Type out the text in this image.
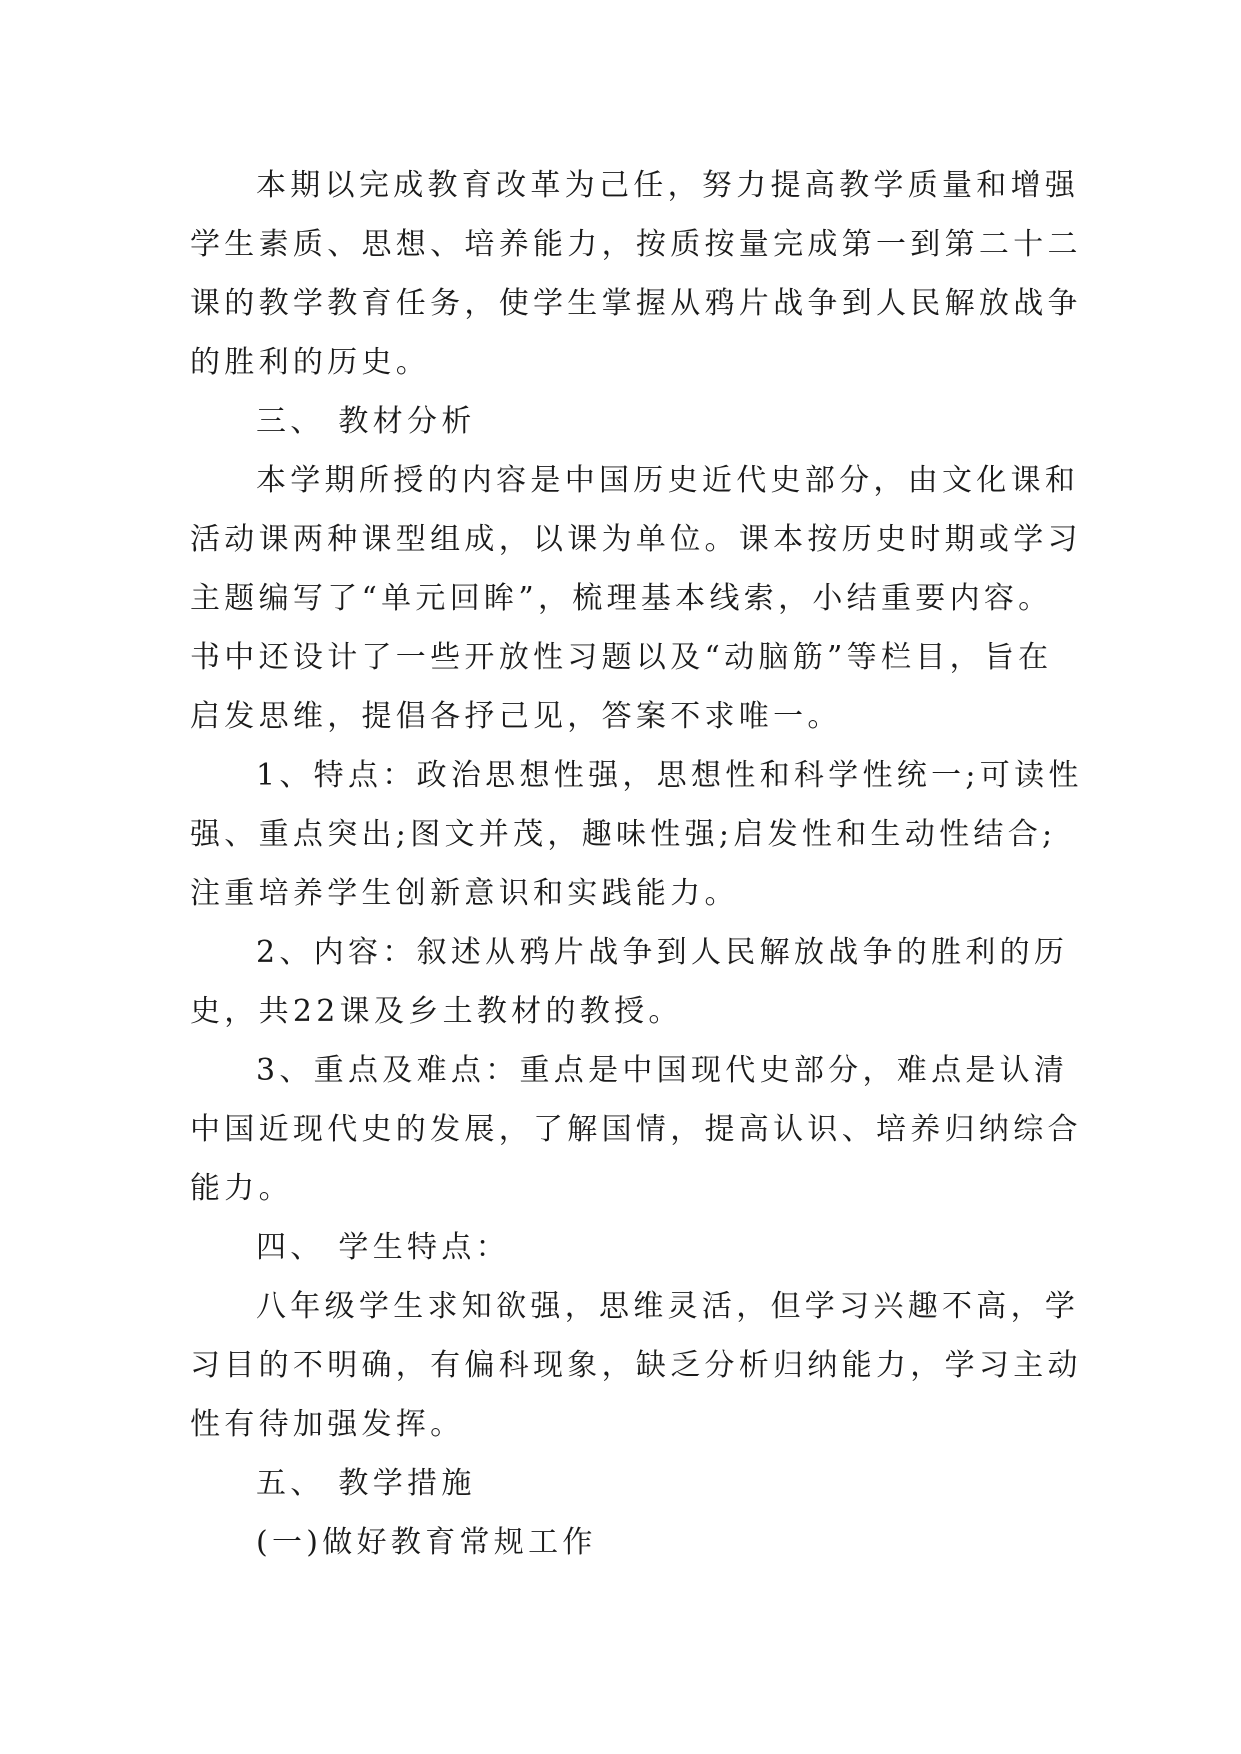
本期以完成教育改革为己任，努力提高教学质量和增强

学生素质、思想、培养能力，按质按量完成第一到第二十二

课的教学教育任务，使学生掌握从鸦片战争到人民解放战争

的胜利的历史。

三、 教材分析

本学期所授的内容是中国历史近代史部分，由文化课和

活动课两种课型组成，以课为单位。课本按历史时期或学习

主题编写了“单元回眸”，梳理基本线索，小结重要内容。

书中还设计了一些开放性习题以及“动脑筋”等栏目，旨在

启发思维，提倡各抒己见，答案不求唯一。

1、特点：政治思想性强，思想性和科学性统一;可读性

强、重点突出;图文并茂，趣味性强;启发性和生动性结合;

注重培养学生创新意识和实践能力。

2、内容：叙述从鸦片战争到人民解放战争的胜利的历

史，共22课及乡土教材的教授。

3、重点及难点：重点是中国现代史部分，难点是认清

中国近现代史的发展，了解国情，提高认识、培养归纳综合

能力。

四、 学生特点：

八年级学生求知欲强，思维灵活，但学习兴趣不高，学

习目的不明确，有偏科现象，缺乏分析归纳能力，学习主动

性有待加强发挥。

五、 教学措施

(一)做好教育常规工作
